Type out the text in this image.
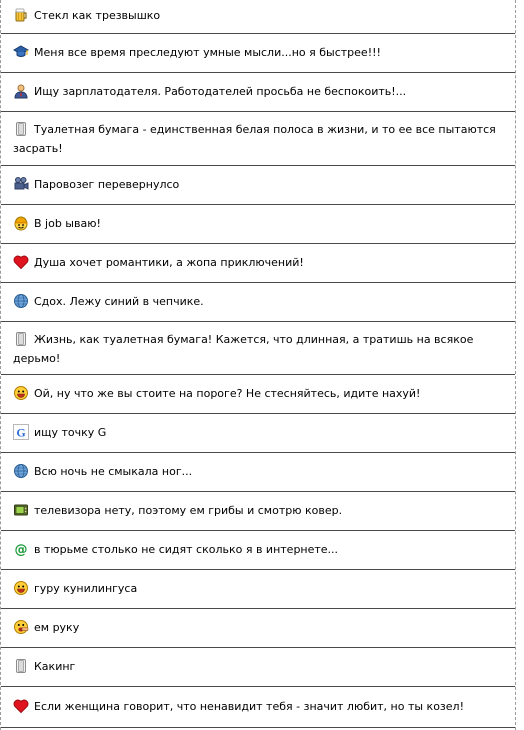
Стекл как трезвышко
Меня все время преследуют умные мысли...но я быстрее!!!
Ищу зарплатодателя. Работодателей просьба не беспокоить!...
Туалетная бумага - единственная белая полоса в жизни, и то ее все пытаются засрать!
Паровозег перевернулсо
В job ываю!
Душа хочет романтики, а жопа приключений!
Сдох. Лежу синий в чепчике.
Жизнь, как туалетная бумага! Кажется, что длинная, а тратишь на всякое дерьмо!
Ой, ну что же вы стоите на пороге? Не стесняйтесь, идите нахуй!
G ищу точку G
Всю ночь не смыкала ног...
телевизора нету, поэтому ем грибы и смотрю ковер.
@ в тюрьме столько не сидят сколько я в интернете...
гуру кунилингуса
ем руку
Какинг
Если женщина говорит, что ненавидит тебя - значит любит, но ты козел!
